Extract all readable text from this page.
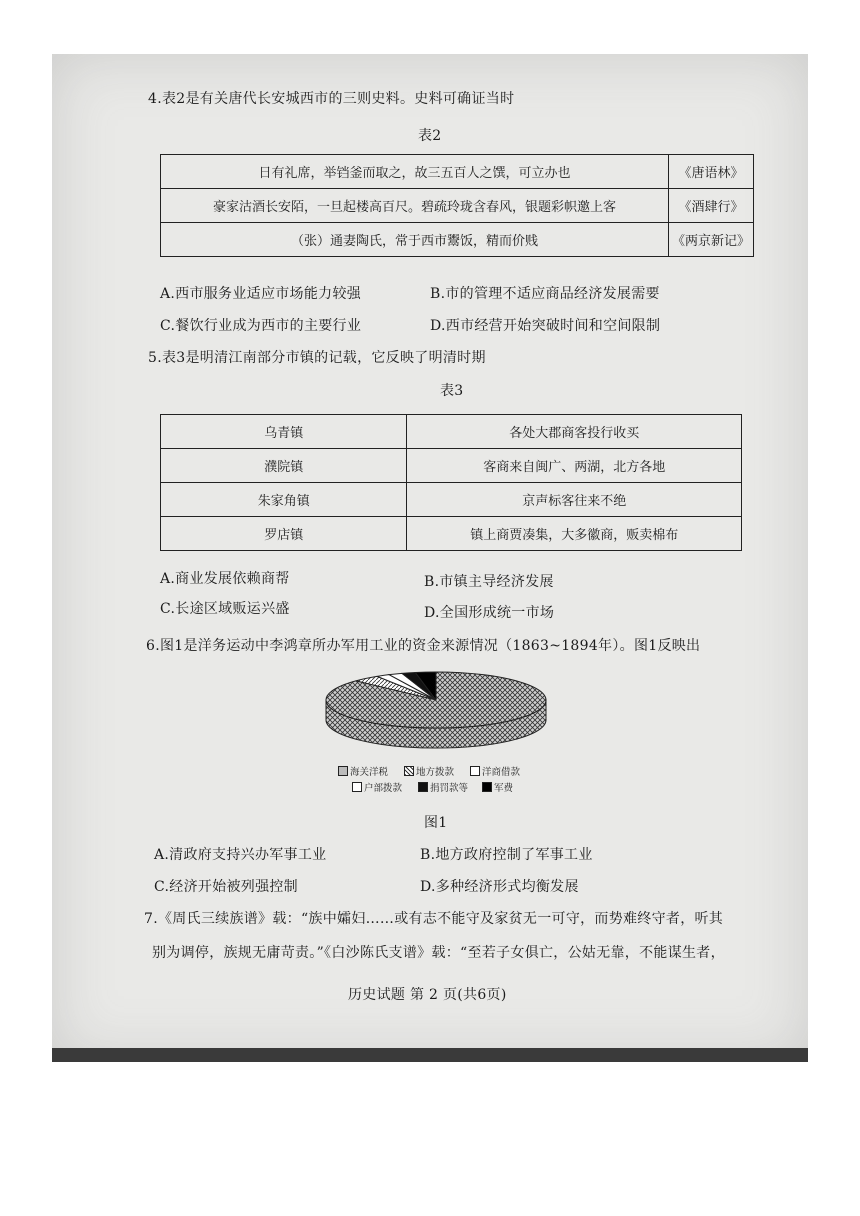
4.表2是有关唐代长安城西市的三则史料。史料可确证当时
表2
日有礼席，举铛釜而取之，故三五百人之馔，可立办也	《唐语林》
豪家沽酒长安陌，一旦起楼高百尺。碧疏玲珑含春风，银题彩帜邀上客	《酒肆行》
（张）通妻陶氏，常于西市鬻饭，精而价贱	《两京新记》
A.西市服务业适应市场能力较强	B.市的管理不适应商品经济发展需要
C.餐饮行业成为西市的主要行业	D.西市经营开始突破时间和空间限制
5.表3是明清江南部分市镇的记载，它反映了明清时期
表3
乌青镇	各处大郡商客投行收买
濮院镇	客商来自闽广、两湖，北方各地
朱家角镇	京声标客往来不绝
罗店镇	镇上商贾凑集，大多徽商，贩卖棉布
A.商业发展依赖商帮	B.市镇主导经济发展
C.长途区域贩运兴盛	D.全国形成统一市场
6.图1是洋务运动中李鸿章所办军用工业的资金来源情况（1863~1894年）。图1反映出
海关洋税	地方拨款	洋商借款
户部拨款	捐罚款等	军费
图1
A.清政府支持兴办军事工业	B.地方政府控制了军事工业
C.经济开始被列强控制	D.多种经济形式均衡发展
7.《周氏三续族谱》载：“族中孀妇……或有志不能守及家贫无一可守，而势难终守者，听其
别为调停，族规无庸苛责。”《白沙陈氏支谱》载：“至若子女俱亡，公姑无靠，不能谋生者，
历史试题 第 2 页(共6页)
